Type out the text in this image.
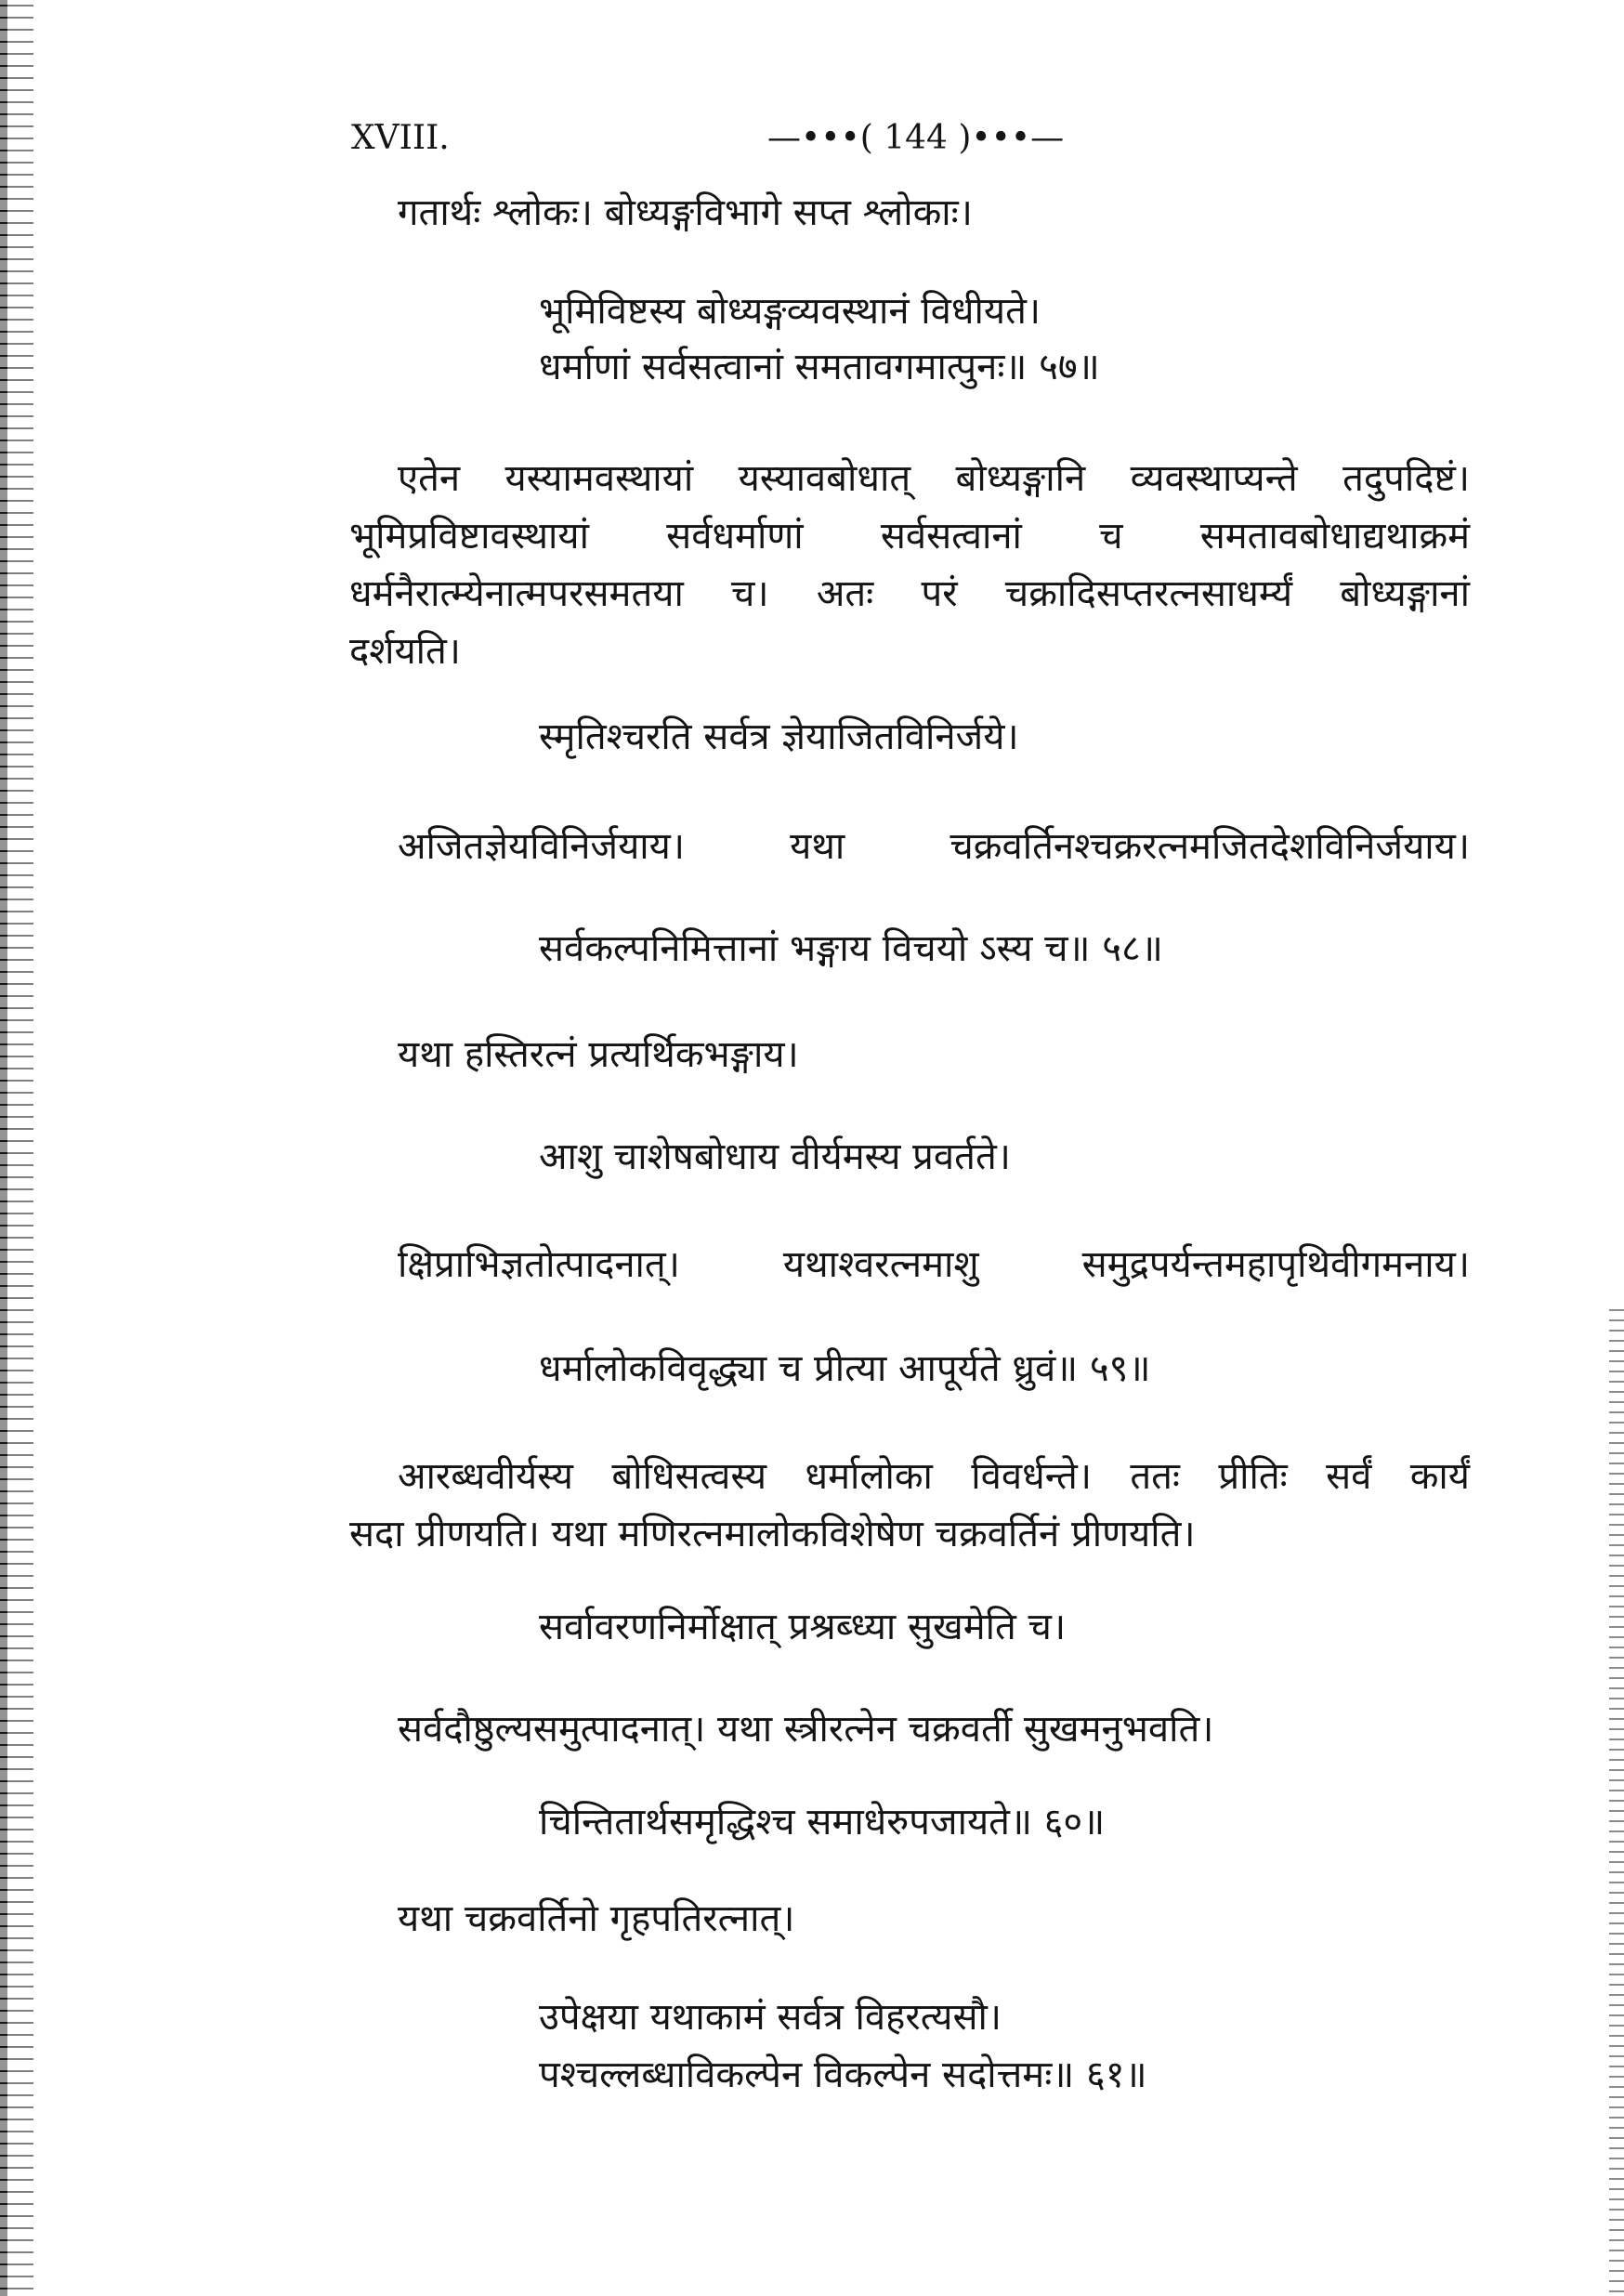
XVIII.	—•••( 144 )•••—
गतार्थः श्लोकः। बोध्यङ्गविभागे सप्त श्लोकाः।
भूमिविष्टस्य बोध्यङ्गव्यवस्थानं विधीयते।
धर्माणां सर्वसत्वानां समतावगमात्पुनः॥ ५७॥
एतेन यस्यामवस्थायां यस्यावबोधात् बोध्यङ्गानि व्यवस्थाप्यन्ते तदुपदिष्टं।
भूमिप्रविष्टावस्थायां सर्वधर्माणां सर्वसत्वानां च समतावबोधाद्यथाक्रमं
धर्मनैरात्म्येनात्मपरसमतया च। अतः परं चक्रादिसप्तरत्नसाधर्म्यं बोध्यङ्गानां
दर्शयति।
स्मृतिश्चरति सर्वत्र ज्ञेयाजितविनिर्जये।
अजितज्ञेयविनिर्जयाय। यथा चक्रवर्तिनश्चक्ररत्नमजितदेशविनिर्जयाय।
सर्वकल्पनिमित्तानां भङ्गाय विचयो ऽस्य च॥ ५८॥
यथा हस्तिरत्नं प्रत्यर्थिकभङ्गाय।
आशु चाशेषबोधाय वीर्यमस्य प्रवर्तते।
क्षिप्राभिज्ञतोत्पादनात्। यथाश्वरत्नमाशु समुद्रपर्यन्तमहापृथिवीगमनाय।
धर्मालोकविवृद्ध्या च प्रीत्या आपूर्यते ध्रुवं॥ ५९॥
आरब्धवीर्यस्य बोधिसत्वस्य धर्मालोका विवर्धन्ते। ततः प्रीतिः सर्वं कार्यं
सदा प्रीणयति। यथा मणिरत्नमालोकविशेषेण चक्रवर्तिनं प्रीणयति।
सर्वावरणनिर्मोक्षात् प्रश्रब्ध्या सुखमेति च।
सर्वदौष्ठुल्यसमुत्पादनात्। यथा स्त्रीरत्नेन चक्रवर्ती सुखमनुभवति।
चिन्तितार्थसमृद्धिश्च समाधेरुपजायते॥ ६०॥
यथा चक्रवर्तिनो गृहपतिरत्नात्।
उपेक्षया यथाकामं सर्वत्र विहरत्यसौ।
पश्चल्लब्धाविकल्पेन विकल्पेन सदोत्तमः॥ ६१॥
